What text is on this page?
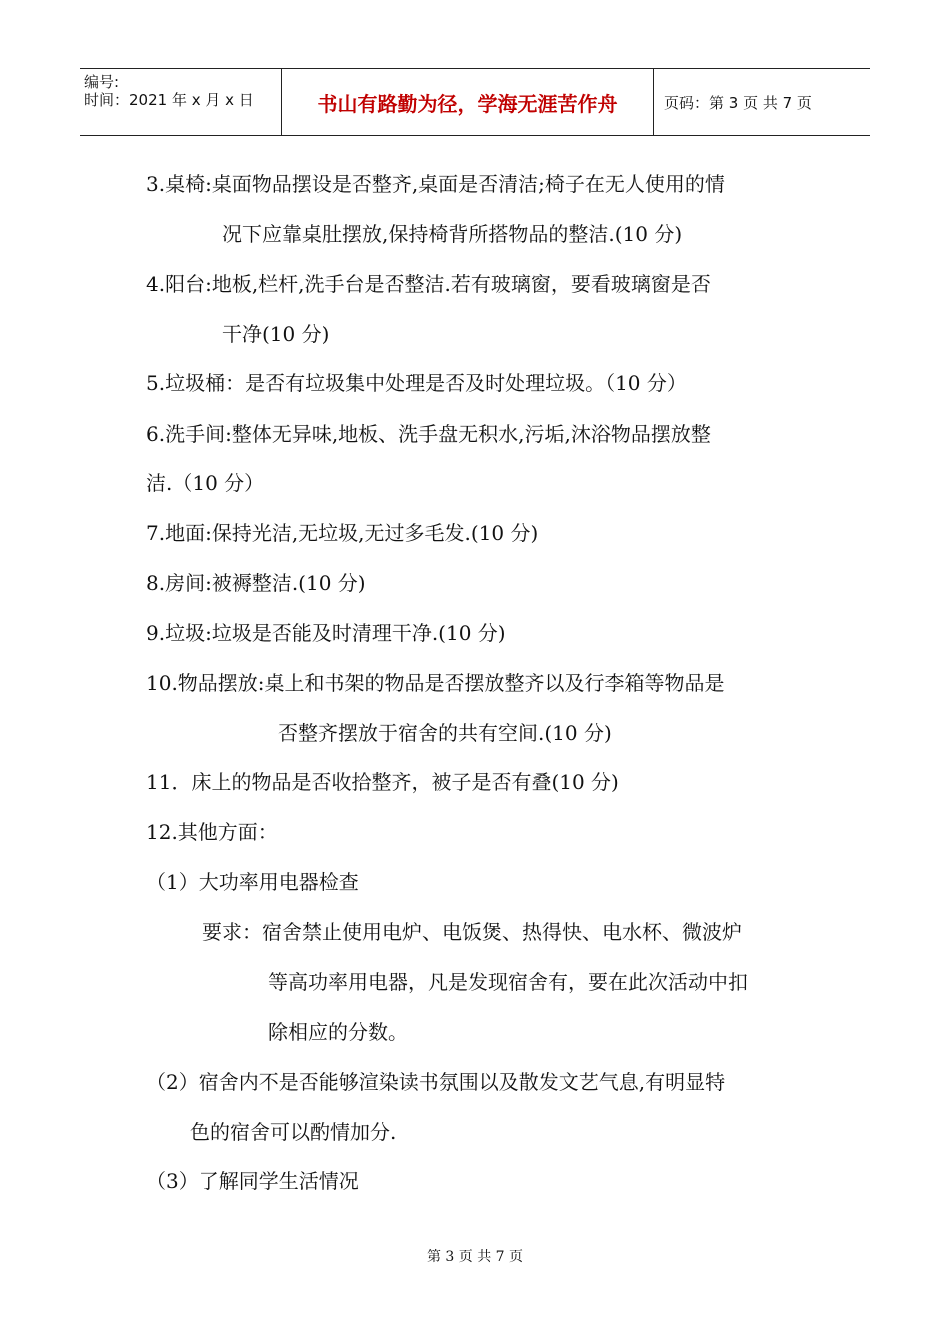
编号:
时间：2021 年 x 月 x 日	书山有路勤为径，学海无涯苦作舟	页码：第 3 页 共 7 页
3.桌椅:桌面物品摆设是否整齐,桌面是否清洁;椅子在无人使用的情
况下应靠桌肚摆放,保持椅背所搭物品的整洁.(10 分)
4.阳台:地板,栏杆,洗手台是否整洁.若有玻璃窗，要看玻璃窗是否
干净(10 分)
5.垃圾桶：是否有垃圾集中处理是否及时处理垃圾。（10 分）
6.洗手间:整体无异味,地板、洗手盘无积水,污垢,沐浴物品摆放整
洁.（10 分）
7.地面:保持光洁,无垃圾,无过多毛发.(10 分)
8.房间:被褥整洁.(10 分)
9.垃圾:垃圾是否能及时清理干净.(10 分)
10.物品摆放:桌上和书架的物品是否摆放整齐以及行李箱等物品是
否整齐摆放于宿舍的共有空间.(10 分)
11．床上的物品是否收拾整齐，被子是否有叠(10 分)
12.其他方面：
（1）大功率用电器检查
要求：宿舍禁止使用电炉、电饭煲、热得快、电水杯、微波炉
等高功率用电器，凡是发现宿舍有，要在此次活动中扣
除相应的分数。
（2）宿舍内不是否能够渲染读书氛围以及散发文艺气息,有明显特
色的宿舍可以酌情加分.
（3）了解同学生活情况
第 3 页 共 7 页
